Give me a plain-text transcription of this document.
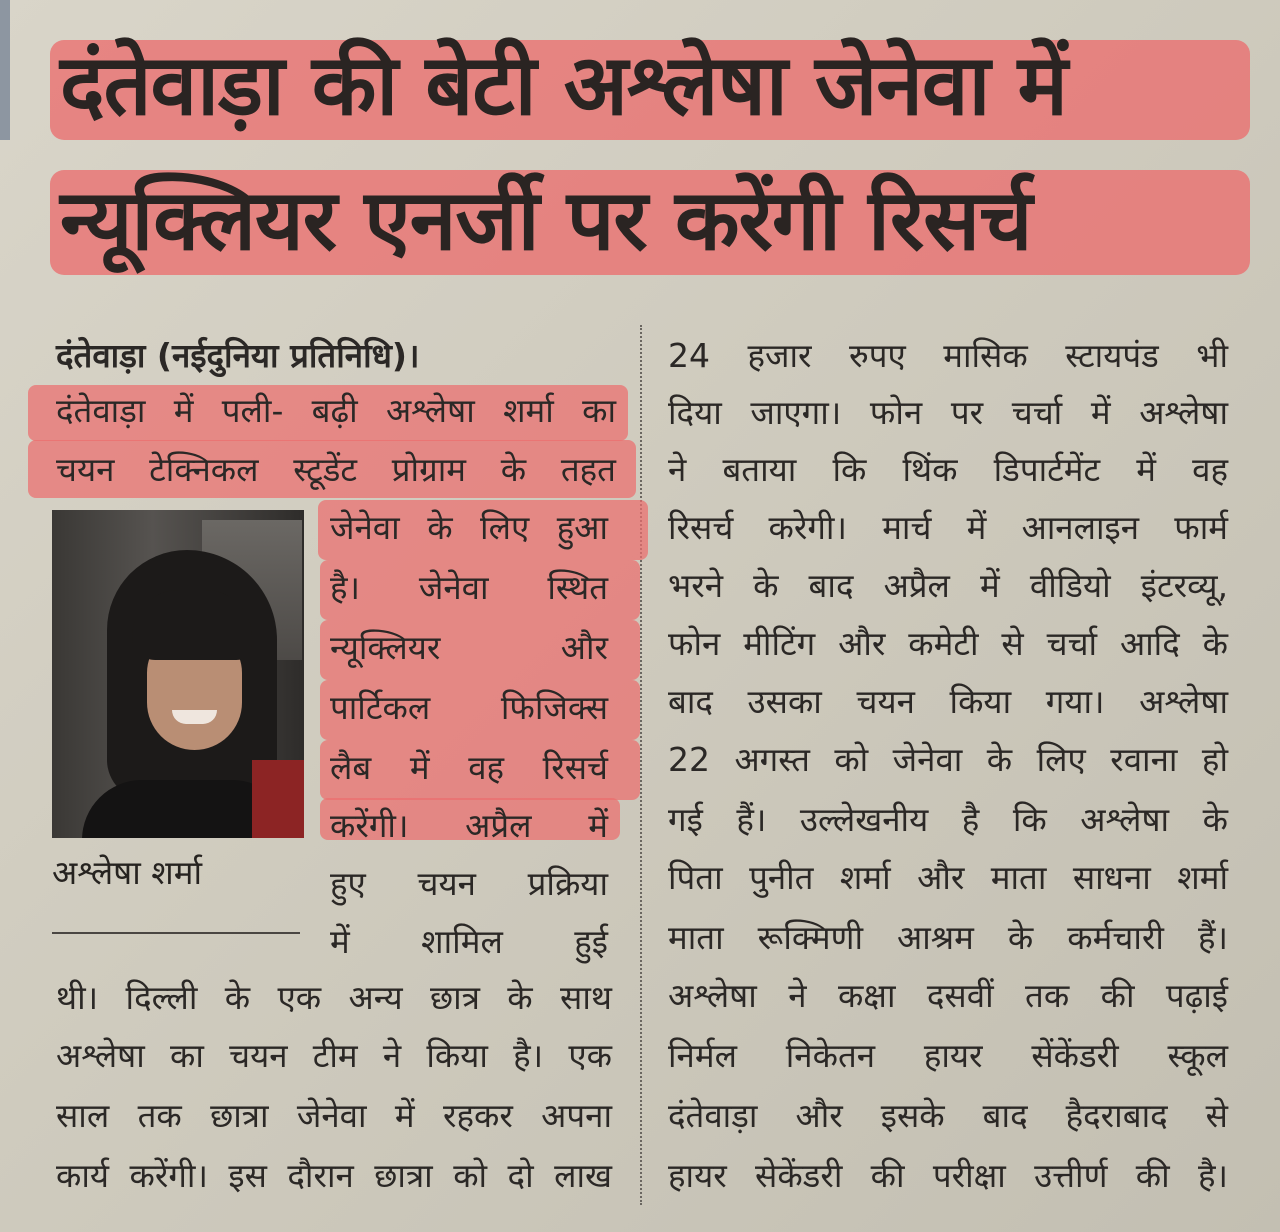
दंतेवाड़ा की बेटी अश्लेषा जेनेवा में
न्यूक्लियर एनर्जी पर करेंगी रिसर्च
दंतेवाड़ा (नईदुनिया प्रतिनिधि)।
दंतेवाड़ा में पली- बढ़ी अश्लेषा शर्मा का
चयन टेक्निकल स्टूडेंट प्रोग्राम के तहत
जेनेवा के लिए हुआ
है। जेनेवा स्थित
न्यूक्लियर और
पार्टिकल फिजिक्स
लैब में वह रिसर्च
करेंगी। अप्रैल में
हुए चयन प्रक्रिया
में शामिल हुई
अश्लेषा शर्मा
थी। दिल्ली के एक अन्य छात्र के साथ
अश्लेषा का चयन टीम ने किया है। एक
साल तक छात्रा जेनेवा में रहकर अपना
कार्य करेंगी। इस दौरान छात्रा को दो लाख
24 हजार रुपए मासिक स्टायपंड भी
दिया जाएगा। फोन पर चर्चा में अश्लेषा
ने बताया कि थिंक डिपार्टमेंट में वह
रिसर्च करेगी। मार्च में आनलाइन फार्म
भरने के बाद अप्रैल में वीडियो इंटरव्यू,
फोन मीटिंग और कमेटी से चर्चा आदि के
बाद उसका चयन किया गया। अश्लेषा
22 अगस्त को जेनेवा के लिए रवाना हो
गई हैं। उल्लेखनीय है कि अश्लेषा के
पिता पुनीत शर्मा और माता साधना शर्मा
माता रूक्मिणी आश्रम के कर्मचारी हैं।
अश्लेषा ने कक्षा दसवीं तक की पढ़ाई
निर्मल निकेतन हायर सेंकेंडरी स्कूल
दंतेवाड़ा और इसके बाद हैदराबाद से
हायर सेकेंडरी की परीक्षा उत्तीर्ण की है।
